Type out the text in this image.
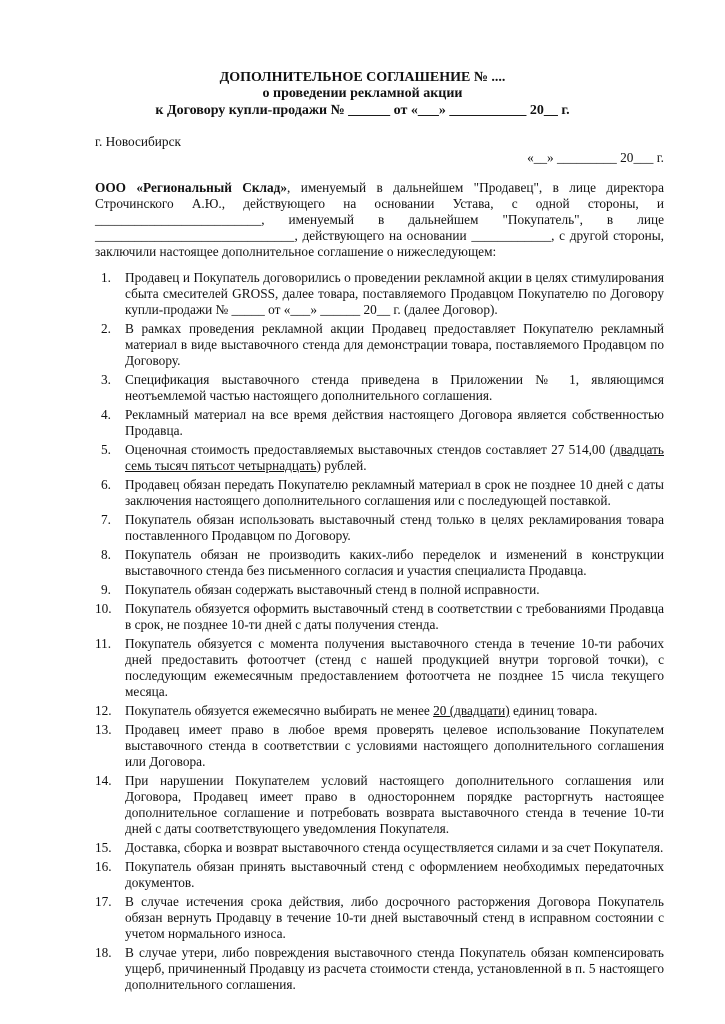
ДОПОЛНИТЕЛЬНОЕ СОГЛАШЕНИЕ № ....
о проведении рекламной акции
к Договору купли-продажи № ______ от «___» ___________ 20__ г.
г. Новосибирск
«__» _________ 20___ г.
ООО «Региональный Склад», именуемый в дальнейшем "Продавец", в лице директора Строчинского А.Ю., действующего на основании Устава, с одной стороны, и _________________________, именуемый в дальнейшем "Покупатель", в лице ______________________________, действующего на основании ____________, с другой стороны, заключили настоящее дополнительное соглашение о нижеследующем:
1.	Продавец и Покупатель договорились о проведении рекламной акции в целях стимулирования сбыта смесителей GROSS, далее товара, поставляемого Продавцом Покупателю по Договору купли-продажи № _____ от «___» ______ 20__ г. (далее Договор).
2.	В рамках проведения рекламной акции Продавец предоставляет Покупателю рекламный материал в виде выставочного стенда для демонстрации товара, поставляемого Продавцом по Договору.
3.	Спецификация выставочного стенда приведена в Приложении № 1, являющимся неотъемлемой частью настоящего дополнительного соглашения.
4.	Рекламный материал на все время действия настоящего Договора является собственностью Продавца.
5.	Оценочная стоимость предоставляемых выставочных стендов составляет 27 514,00 (двадцать семь тысяч пятьсот четырнадцать) рублей.
6.	Продавец обязан передать Покупателю рекламный материал в срок не позднее 10 дней с даты заключения настоящего дополнительного соглашения или с последующей поставкой.
7.	Покупатель обязан использовать выставочный стенд только в целях рекламирования товара поставленного Продавцом по Договору.
8.	Покупатель обязан не производить каких-либо переделок и изменений в конструкции выставочного стенда без письменного согласия и участия специалиста Продавца.
9.	Покупатель обязан содержать выставочный стенд в полной исправности.
10.	Покупатель обязуется оформить выставочный стенд в соответствии с требованиями Продавца в срок, не позднее 10-ти дней с даты получения стенда.
11.	Покупатель обязуется с момента получения выставочного стенда в течение 10-ти рабочих дней предоставить фотоотчет (стенд с нашей продукцией внутри торговой точки), с последующим ежемесячным предоставлением фотоотчета не позднее 15 числа текущего месяца.
12.	Покупатель обязуется ежемесячно выбирать не менее 20 (двадцати) единиц товара.
13.	Продавец имеет право в любое время проверять целевое использование Покупателем выставочного стенда в соответствии с условиями настоящего дополнительного соглашения или Договора.
14.	При нарушении Покупателем условий настоящего дополнительного соглашения или Договора, Продавец имеет право в одностороннем порядке расторгнуть настоящее дополнительное соглашение и потребовать возврата выставочного стенда в течение 10-ти дней с даты соответствующего уведомления Покупателя.
15.	Доставка, сборка и возврат выставочного стенда осуществляется силами и за счет Покупателя.
16.	Покупатель обязан принять выставочный стенд с оформлением необходимых передаточных документов.
17.	В случае истечения срока действия, либо досрочного расторжения Договора Покупатель обязан вернуть Продавцу в течение 10-ти дней выставочный стенд в исправном состоянии с учетом нормального износа.
18.	В случае утери, либо повреждения выставочного стенда Покупатель обязан компенсировать ущерб, причиненный Продавцу из расчета стоимости стенда, установленной в п. 5 настоящего дополнительного соглашения.
